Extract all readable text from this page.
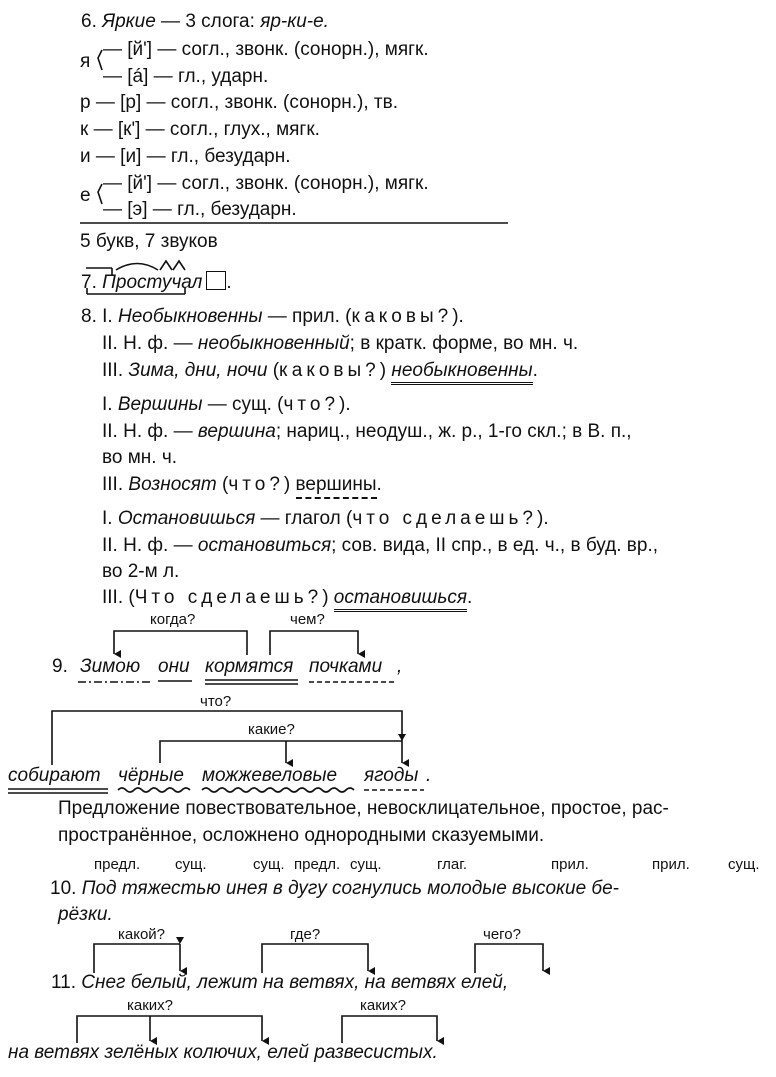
6. Яркие — 3 слога: яр-ки-е.
я
— [й'] — согл., звонк. (сонорн.), мягк.
— [á] — гл., ударн.
р — [р] — согл., звонк. (сонорн.), тв.
к — [к'] — согл., глух., мягк.
и — [и] — гл., безударн.
е
— [й'] — согл., звонк. (сонорн.), мягк.
— [э] — гл., безударн.
5 букв, 7 звуков
7. Простучал .
8. I. Необыкновенны — прил. (каковы?).
II. Н. ф. — необыкновенный; в кратк. форме, во мн. ч.
III. Зима, дни, ночи (каковы?) необыкновенны.
I. Вершины — сущ. (что?).
II. Н. ф. — вершина; нариц., неодуш., ж. р., 1-го скл.; в В. п.,
во мн. ч.
III. Возносят (что?) вершины.
I. Остановишься — глагол (что сделаешь?).
II. Н. ф. — остановиться; сов. вида, II спр., в ед. ч., в буд. вр.,
во 2-м л.
III. (Что сделаешь?) остановишься.
когда?	чем?
9. Зимою они кормятся почками ,
что?
какие?
собирают чёрные можжевеловые ягоды .
Предложение повествовательное, невосклицательное, простое, рас-
пространённое, осложнено однородными сказуемыми.
предл. сущ.	сущ. предл. сущ.	глаг.	прил.	прил.	сущ.
10. Под тяжестью инея в дугу согнулись молодые высокие бе-
рёзки.
какой?	где?	чего?
11. Снег белый, лежит на ветвях, на ветвях елей,
каких?	каких?
на ветвях зелёных колючих, елей развесистых.
